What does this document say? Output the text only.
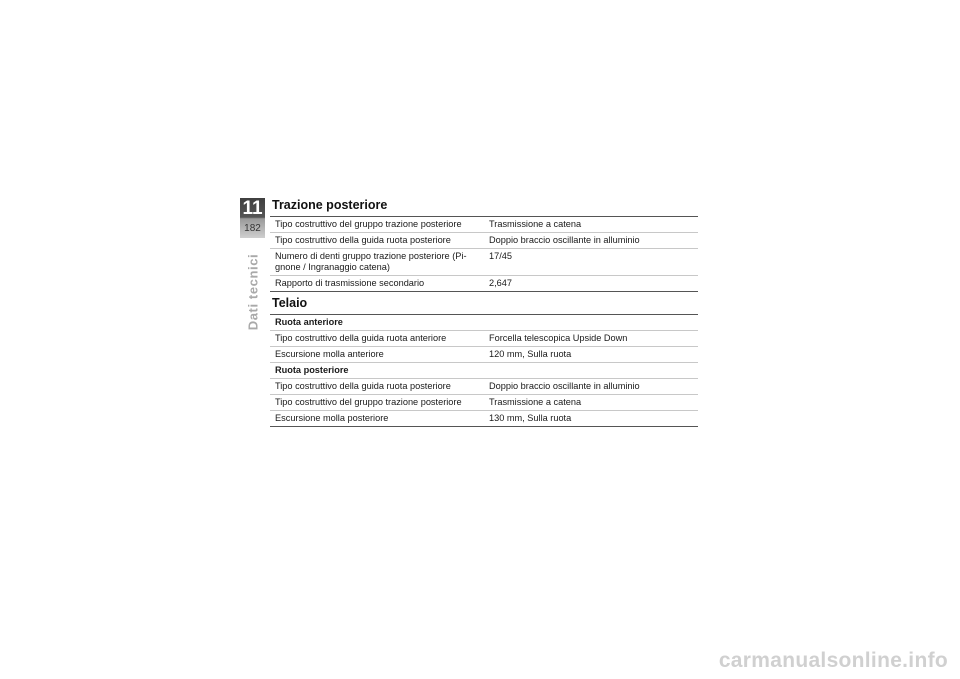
11
182
Dati tecnici
Trazione posteriore
Tipo costruttivo del gruppo trazione posteriore	Trasmissione a catena
Tipo costruttivo della guida ruota posteriore	Doppio braccio oscillante in alluminio
Numero di denti gruppo trazione posteriore (Pi-gnone / Ingranaggio catena)	17/45
Rapporto di trasmissione secondario	2,647
Telaio
Ruota anteriore	
Tipo costruttivo della guida ruota anteriore	Forcella telescopica Upside Down
Escursione molla anteriore	120 mm, Sulla ruota
Ruota posteriore	
Tipo costruttivo della guida ruota posteriore	Doppio braccio oscillante in alluminio
Tipo costruttivo del gruppo trazione posteriore	Trasmissione a catena
Escursione molla posteriore	130 mm, Sulla ruota
carmanualsonline.info
